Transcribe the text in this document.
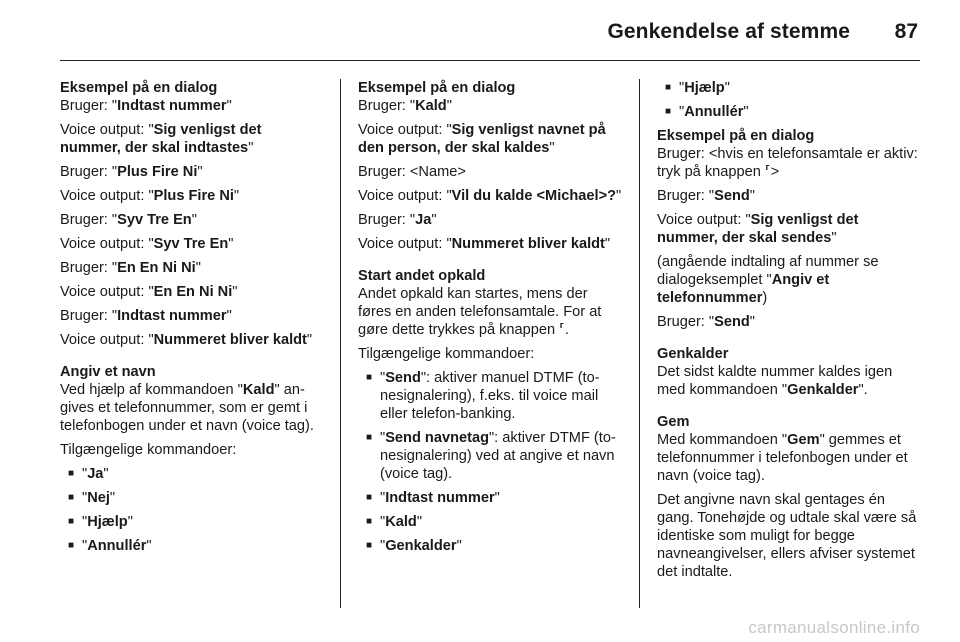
Genkendelse af stemme 87
Eksempel på en dialog

Bruger: "Indtast nummer"

Voice output: "Sig venligst det nummer, der skal indtastes"

Bruger: "Plus Fire Ni"

Voice output: "Plus Fire Ni"

Bruger: "Syv Tre En"

Voice output: "Syv Tre En"

Bruger: "En En Ni Ni"

Voice output: "En En Ni Ni"

Bruger: "Indtast nummer"

Voice output: "Nummeret bliver kaldt"

Angiv et navn

Ved hjælp af kommandoen "Kald" angives et telefonnummer, som er gemt i telefonbogen under et navn (voice tag).

Tilgængelige kommandoer:

■ "Ja"
■ "Nej"
■ "Hjælp"
■ "Annullér"
Eksempel på en dialog

Bruger: "Kald"

Voice output: "Sig venligst navnet på den person, der skal kaldes"

Bruger: <Name>

Voice output: "Vil du kalde <Michael>?"

Bruger: "Ja"

Voice output: "Nummeret bliver kaldt"

Start andet opkald

Andet opkald kan startes, mens der føres en anden telefonsamtale. For at gøre dette trykkes på knappen ⸢.

Tilgængelige kommandoer:

■ "Send": aktiver manuel DTMF (tonesignalering), f.eks. til voice mail eller telefon-banking.
■ "Send navnetag": aktiver DTMF (tonesignalering) ved at angive et navn (voice tag).
■ "Indtast nummer"
■ "Kald"
■ "Genkalder"
■ "Hjælp"
■ "Annullér"
Eksempel på en dialog

Bruger: <hvis en telefonsamtale er aktiv: tryk på knappen ⸢>

Bruger: "Send"

Voice output: "Sig venligst det nummer, der skal sendes"

(angående indtaling af nummer se dialogeksemplet "Angiv et telefonnummer)

Bruger: "Send"

Genkalder

Det sidst kaldte nummer kaldes igen med kommandoen "Genkalder".

Gem

Med kommandoen "Gem" gemmes et telefonnummer i telefonbogen under et navn (voice tag).

Det angivne navn skal gentages én gang. Tonehøjde og udtale skal være så identiske som muligt for begge navneangivelser, ellers afviser systemet det indtalte.

carmanualsonline.info
